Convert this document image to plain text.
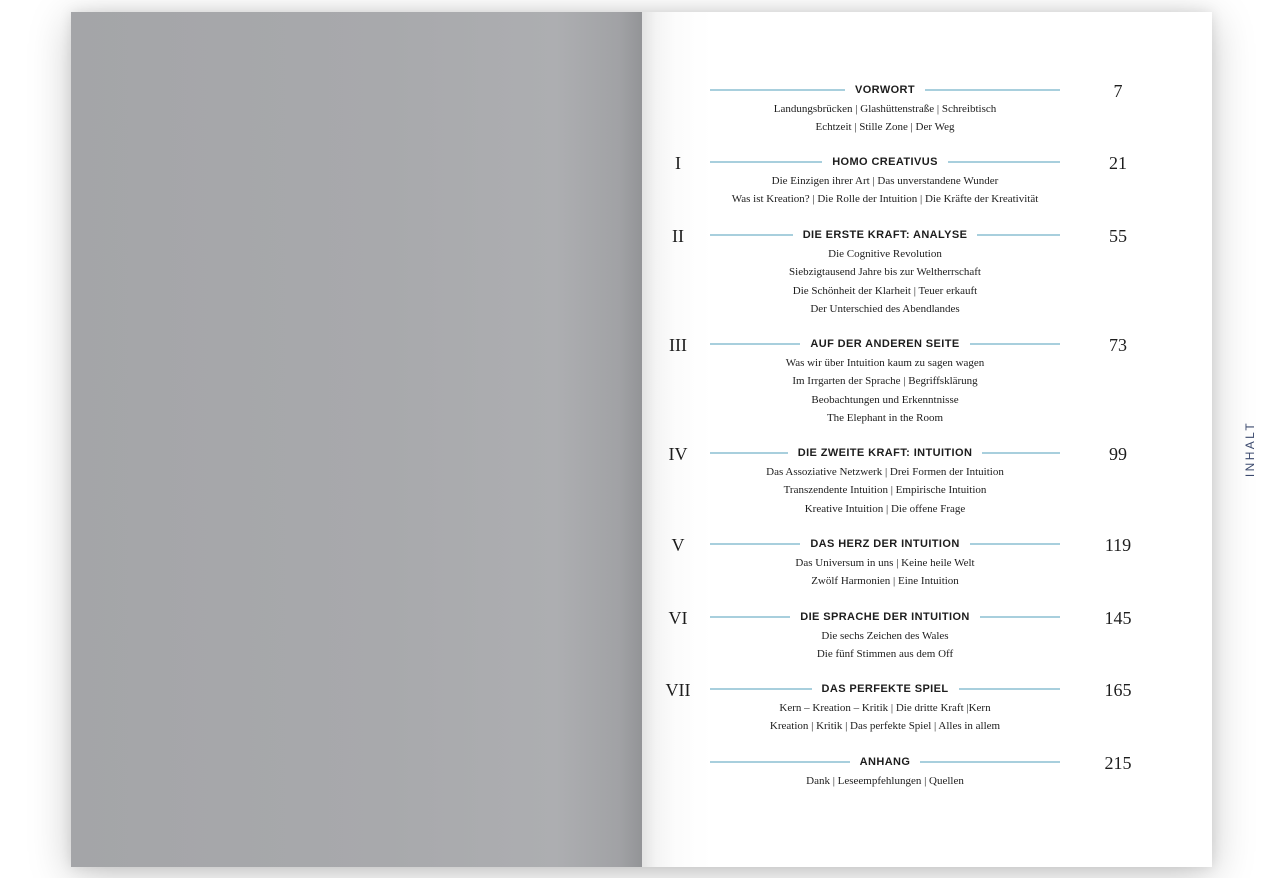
VORWORT	7
Landungsbrücken | Glashüttenstraße | Schreibtisch
Echtzeit | Stille Zone | Der Weg
I	HOMO CREATIVUS	21
Die Einzigen ihrer Art | Das unverstandene Wunder
Was ist Kreation? | Die Rolle der Intuition | Die Kräfte der Kreativität
II	DIE ERSTE KRAFT: ANALYSE	55
Die Cognitive Revolution
Siebzigtausend Jahre bis zur Weltherrschaft
Die Schönheit der Klarheit | Teuer erkauft
Der Unterschied des Abendlandes
III	AUF DER ANDEREN SEITE	73
Was wir über Intuition kaum zu sagen wagen
Im Irrgarten der Sprache | Begriffsklärung
Beobachtungen und Erkenntnisse
The Elephant in the Room
IV	DIE ZWEITE KRAFT: INTUITION	99
Das Assoziative Netzwerk | Drei Formen der Intuition
Transzendente Intuition | Empirische Intuition
Kreative Intuition | Die offene Frage
V	DAS HERZ DER INTUITION	119
Das Universum in uns | Keine heile Welt
Zwölf Harmonien | Eine Intuition
VI	DIE SPRACHE DER INTUITION	145
Die sechs Zeichen des Wales
Die fünf Stimmen aus dem Off
VII	DAS PERFEKTE SPIEL	165
Kern – Kreation – Kritik | Die dritte Kraft |Kern
Kreation | Kritik | Das perfekte Spiel | Alles in allem
ANHANG	215
Dank | Leseempfehlungen | Quellen
INHALT
